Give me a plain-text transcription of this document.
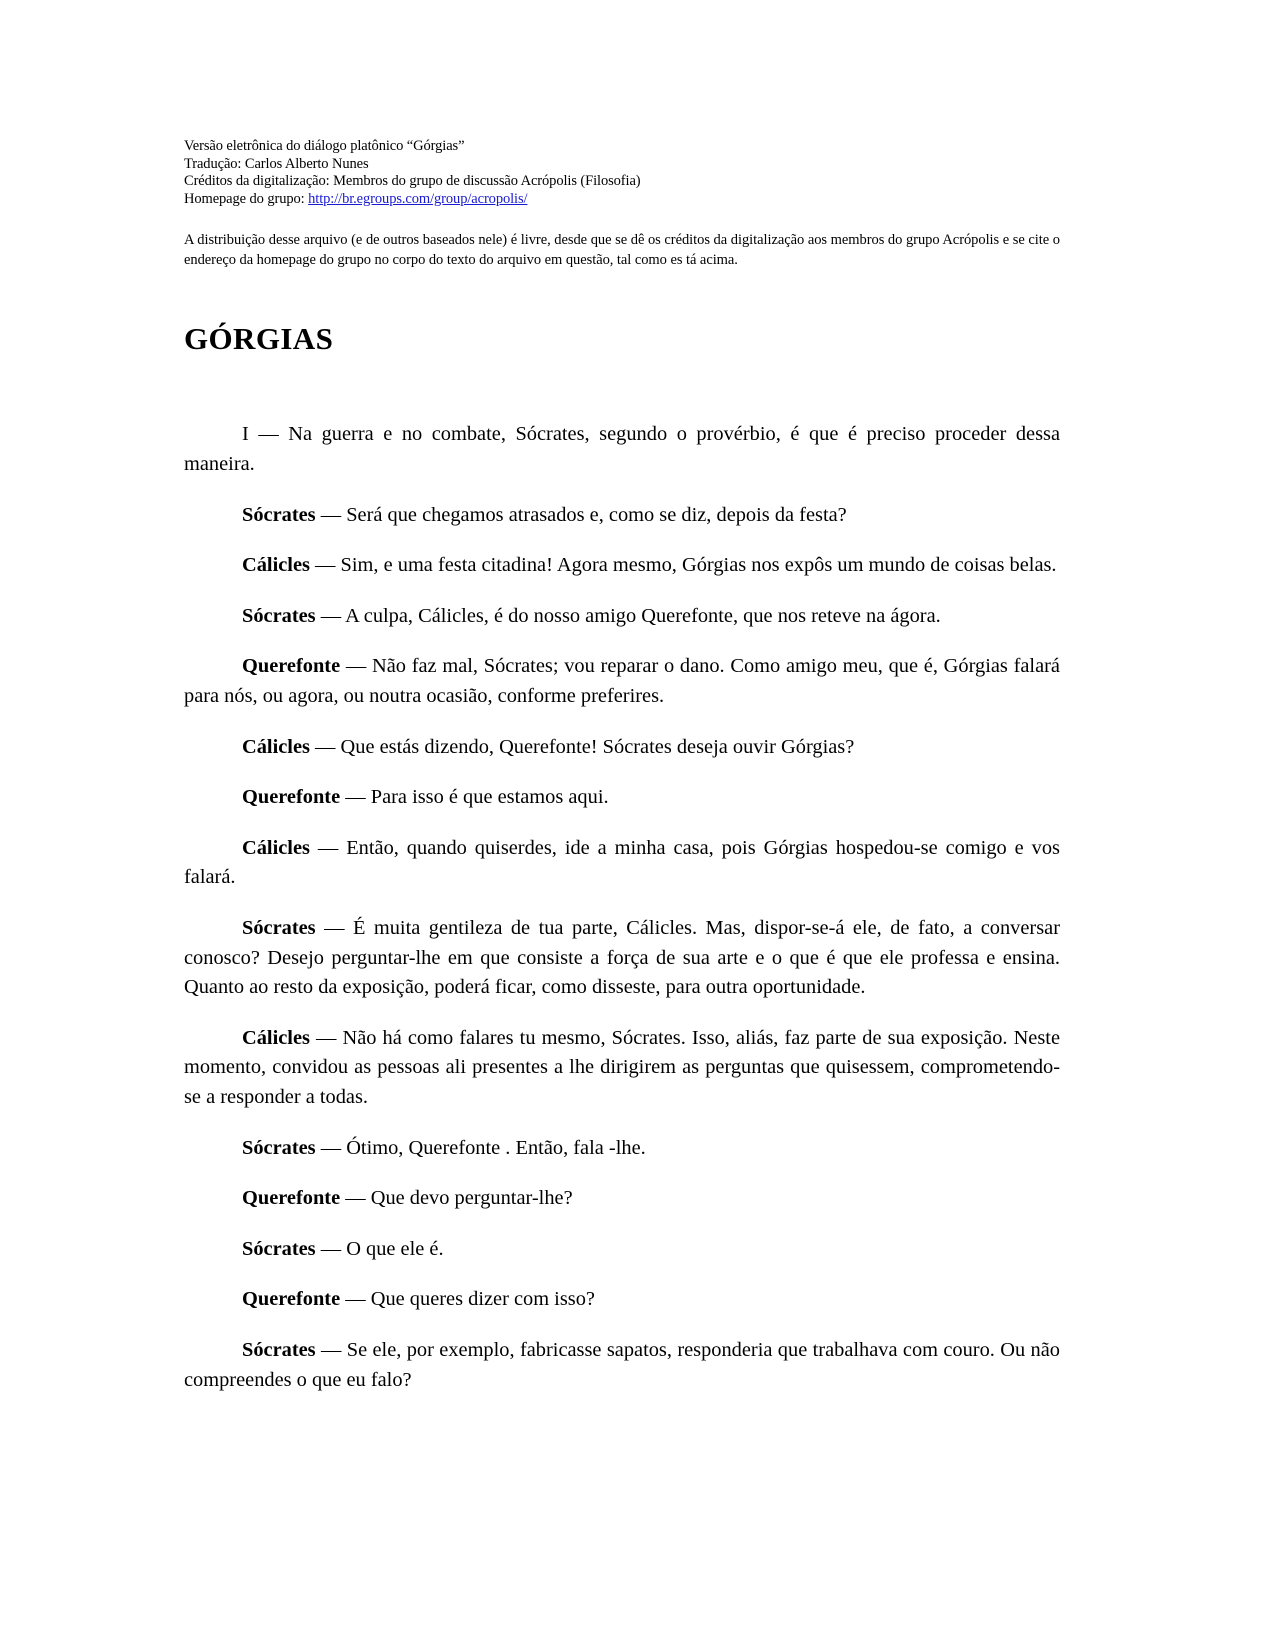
Versão eletrônica do diálogo platônico “Górgias”
Tradução: Carlos Alberto Nunes
Créditos da digitalização: Membros do grupo de discussão Acrópolis (Filosofia)
Homepage do grupo: http://br.egroups.com/group/acropolis/
A distribuição desse arquivo (e de outros baseados nele) é livre, desde que se dê os créditos da digitalização aos membros do grupo Acrópolis e se cite o endereço da homepage do grupo no corpo do texto do arquivo em questão, tal como es tá acima.
GÓRGIAS

I — Na guerra e no combate, Sócrates, segundo o provérbio, é que é preciso proceder dessa maneira.

Sócrates — Será que chegamos atrasados e, como se diz, depois da festa?

Cálicles — Sim, e uma festa citadina! Agora mesmo, Górgias nos expôs um mundo de coisas belas.

Sócrates — A culpa, Cálicles, é do nosso amigo Querefonte, que nos reteve na ágora.

Querefonte — Não faz mal, Sócrates; vou reparar o dano. Como amigo meu, que é, Górgias falará para nós, ou agora, ou noutra ocasião, conforme preferires.

Cálicles — Que estás dizendo, Querefonte! Sócrates deseja ouvir Górgias?

Querefonte — Para isso é que estamos aqui.

Cálicles — Então, quando quiserdes, ide a minha casa, pois Górgias hospedou-se comigo e vos falará.

Sócrates — É muita gentileza de tua parte, Cálicles. Mas, dispor-se-á ele, de fato, a conversar conosco? Desejo perguntar-lhe em que consiste a força de sua arte e o que é que ele professa e ensina. Quanto ao resto da exposição, poderá ficar, como disseste, para outra oportunidade.

Cálicles — Não há como falares tu mesmo, Sócrates. Isso, aliás, faz parte de sua exposição. Neste momento, convidou as pessoas ali presentes a lhe dirigirem as perguntas que quisessem, comprometendo-se a responder a todas.

Sócrates — Ótimo, Querefonte . Então, fala -lhe.

Querefonte — Que devo perguntar-lhe?

Sócrates — O que ele é.

Querefonte — Que queres dizer com isso?

Sócrates — Se ele, por exemplo, fabricasse sapatos, responderia que trabalhava com couro. Ou não compreendes o que eu falo?
